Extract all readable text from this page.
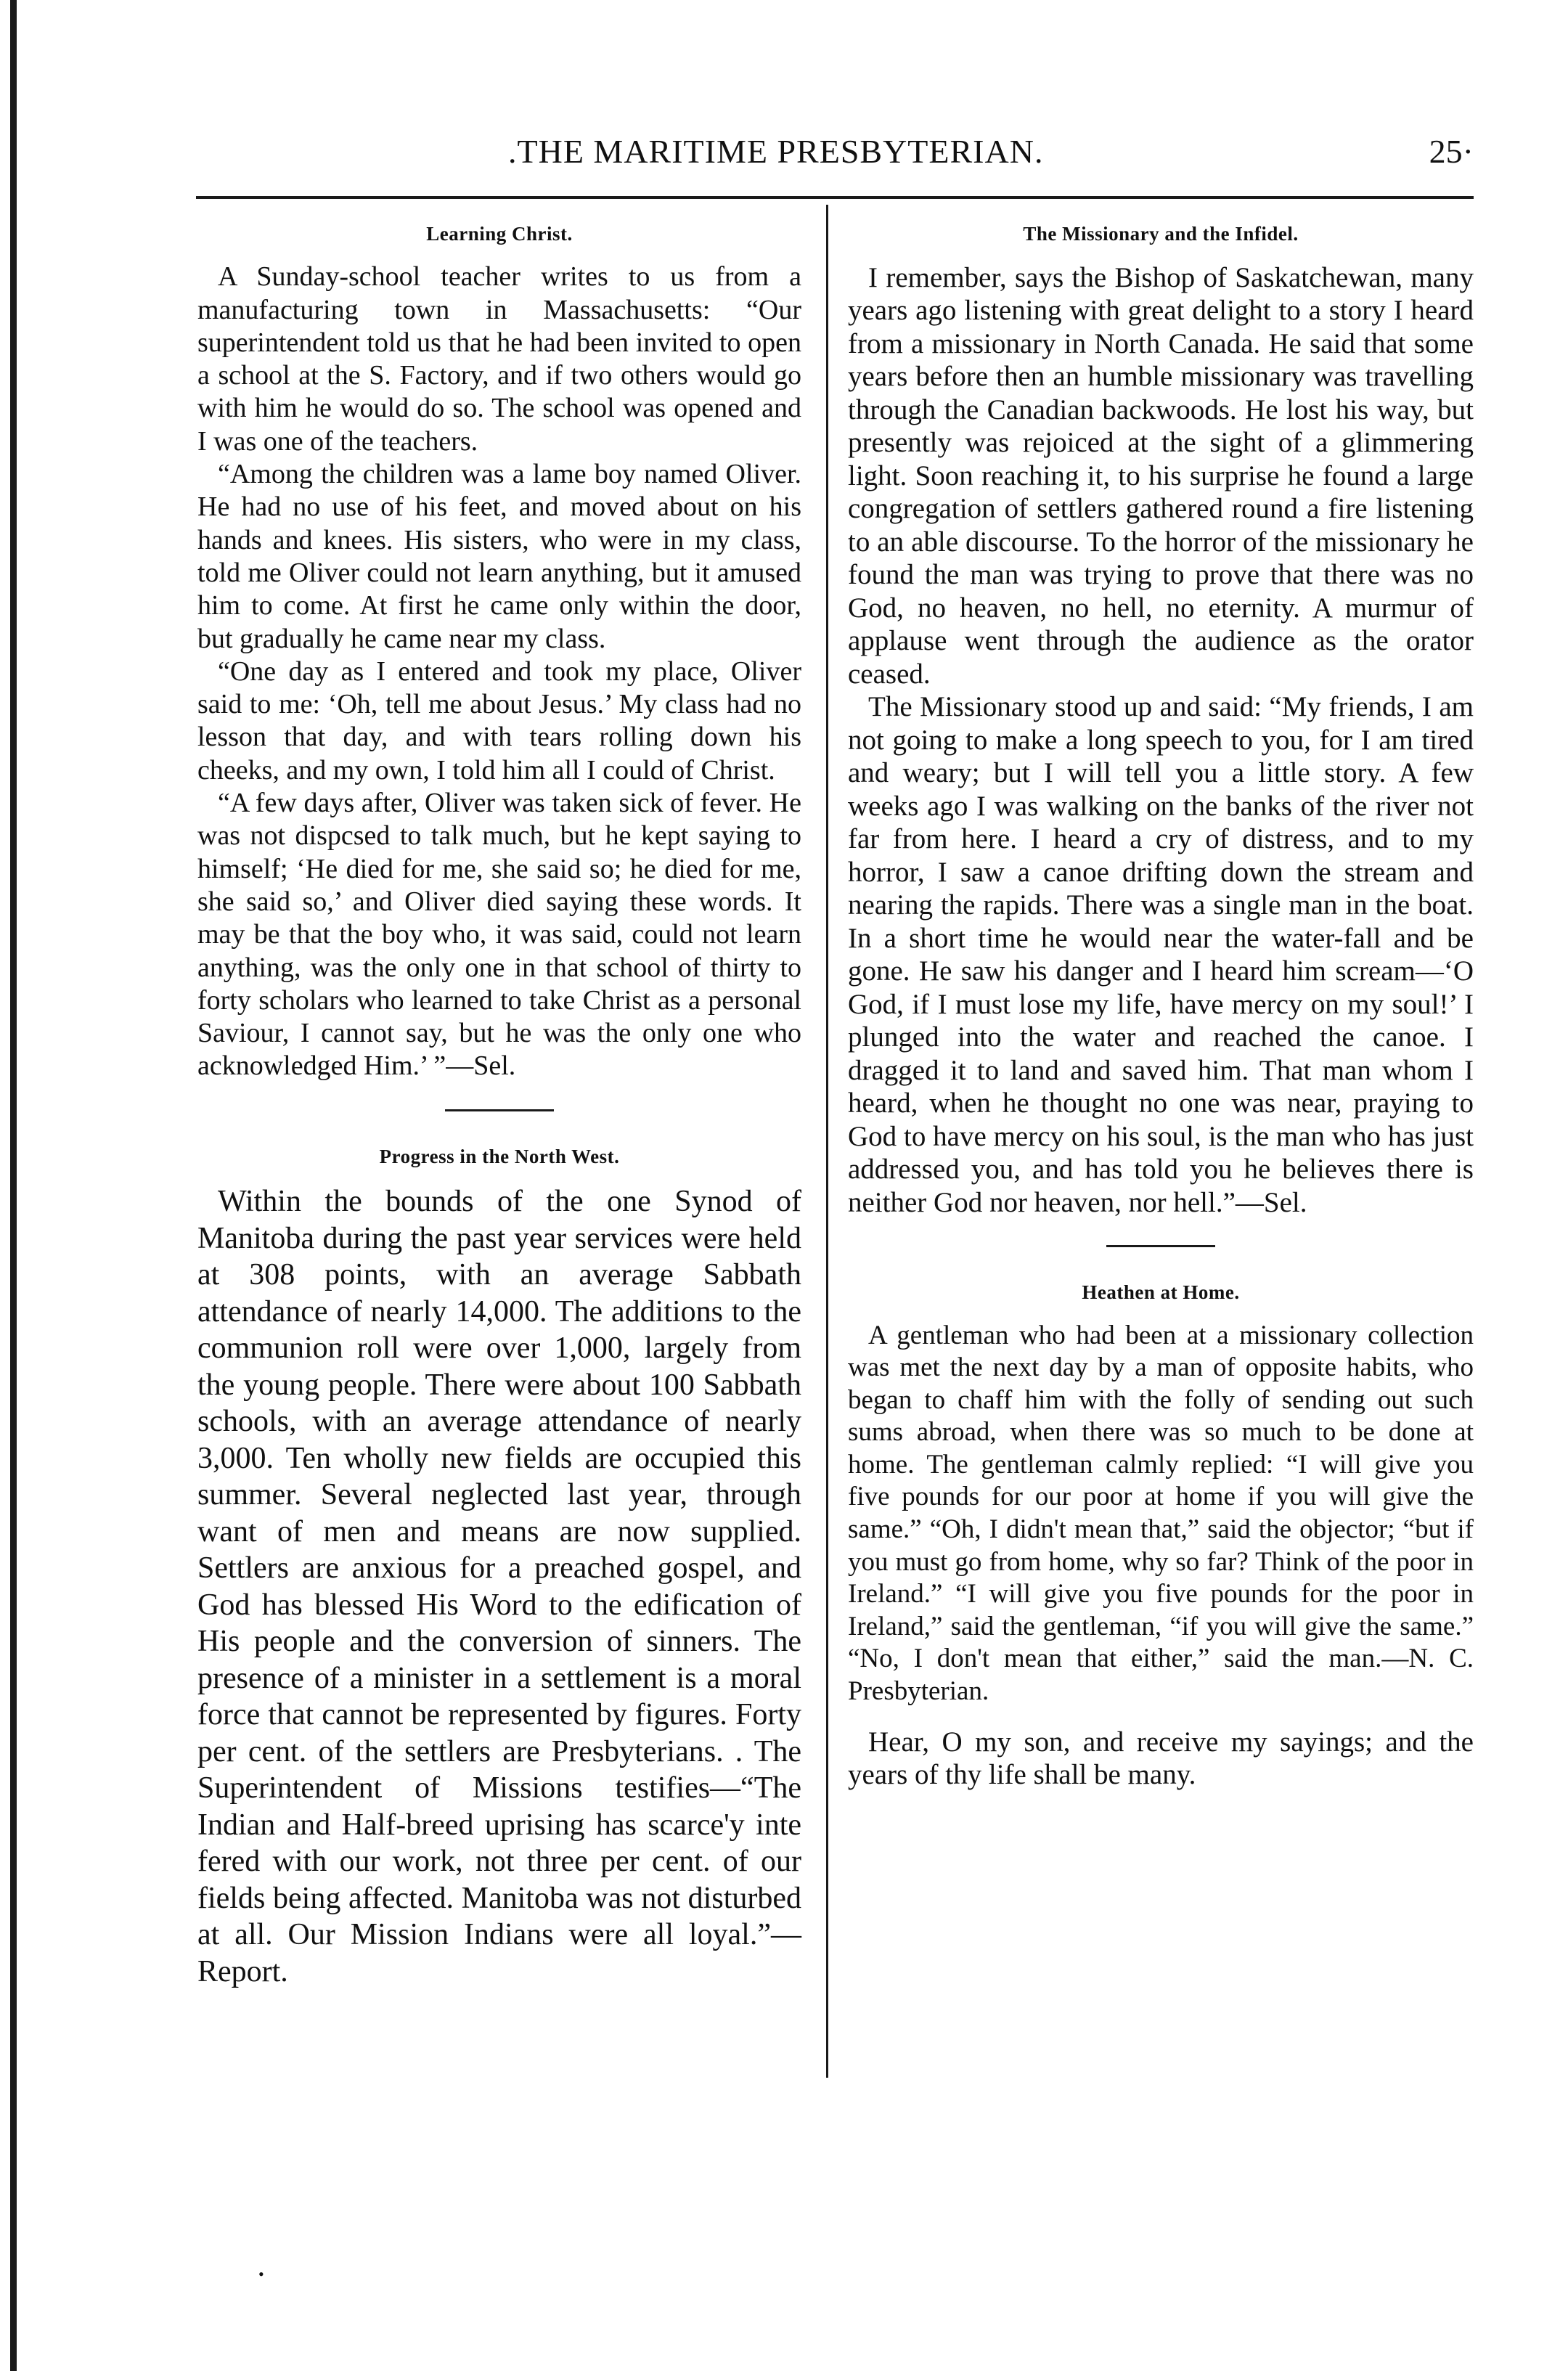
.THE MARITIME PRESBYTERIAN.	25·
Learning Christ.

A Sunday-school teacher writes to us from a manufacturing town in Massachusetts: “Our superintendent told us that he had been invited to open a school at the S. Factory, and if two others would go with him he would do so. The school was opened and I was one of the teachers.

“Among the children was a lame boy named Oliver. He had no use of his feet, and moved about on his hands and knees. His sisters, who were in my class, told me Oliver could not learn anything, but it amused him to come. At first he came only within the door, but gradually he came near my class.

“One day as I entered and took my place, Oliver said to me: ‘Oh, tell me about Jesus.’ My class had no lesson that day, and with tears rolling down his cheeks, and my own, I told him all I could of Christ.

“A few days after, Oliver was taken sick of fever. He was not dispcsed to talk much, but he kept saying to himself; ‘He died for me, she said so; he died for me, she said so,’ and Oliver died saying these words. It may be that the boy who, it was said, could not learn anything, was the only one in that school of thirty to forty scholars who learned to take Christ as a personal Saviour, I cannot say, but he was the only one who acknowledged Him.’ ”—Sel.

Progress in the North West.

Within the bounds of the one Synod of Manitoba during the past year services were held at 308 points, with an average Sabbath attendance of nearly 14,000. The additions to the communion roll were over 1,000, largely from the young people. There were about 100 Sabbath schools, with an average attendance of nearly 3,000. Ten wholly new fields are occupied this summer. Several neglected last year, through want of men and means are now supplied. Settlers are anxious for a preached gospel, and God has blessed His Word to the edification of His people and the conversion of sinners. The presence of a minister in a settlement is a moral force that cannot be represented by figures. Forty per cent. of the settlers are Presbyterians. . The Superintendent of Missions testifies—“The Indian and Half-breed uprising has scarce'y inte fered with our work, not three per cent. of our fields being affected. Manitoba was not disturbed at all. Our Mission Indians were all loyal.”—Report.

The Missionary and the Infidel.

I remember, says the Bishop of Saskatchewan, many years ago listening with great delight to a story I heard from a missionary in North Canada. He said that some years before then an humble missionary was travelling through the Canadian backwoods. He lost his way, but presently was rejoiced at the sight of a glimmering light. Soon reaching it, to his surprise he found a large congregation of settlers gathered round a fire listening to an able discourse. To the horror of the missionary he found the man was trying to prove that there was no God, no heaven, no hell, no eternity. A murmur of applause went through the audience as the orator ceased.

The Missionary stood up and said: “My friends, I am not going to make a long speech to you, for I am tired and weary; but I will tell you a little story. A few weeks ago I was walking on the banks of the river not far from here. I heard a cry of distress, and to my horror, I saw a canoe drifting down the stream and nearing the rapids. There was a single man in the boat. In a short time he would near the water-fall and be gone. He saw his danger and I heard him scream—‘O God, if I must lose my life, have mercy on my soul!’ I plunged into the water and reached the canoe. I dragged it to land and saved him. That man whom I heard, when he thought no one was near, praying to God to have mercy on his soul, is the man who has just addressed you, and has told you he believes there is neither God nor heaven, nor hell.”—Sel.

Heathen at Home.

A gentleman who had been at a missionary collection was met the next day by a man of opposite habits, who began to chaff him with the folly of sending out such sums abroad, when there was so much to be done at home. The gentleman calmly replied: “I will give you five pounds for our poor at home if you will give the same.” “Oh, I didn't mean that,” said the objector; “but if you must go from home, why so far? Think of the poor in Ireland.” “I will give you five pounds for the poor in Ireland,” said the gentleman, “if you will give the same.” “No, I don't mean that either,” said the man.—N. C. Presbyterian.

Hear, O my son, and receive my sayings; and the years of thy life shall be many.

•
